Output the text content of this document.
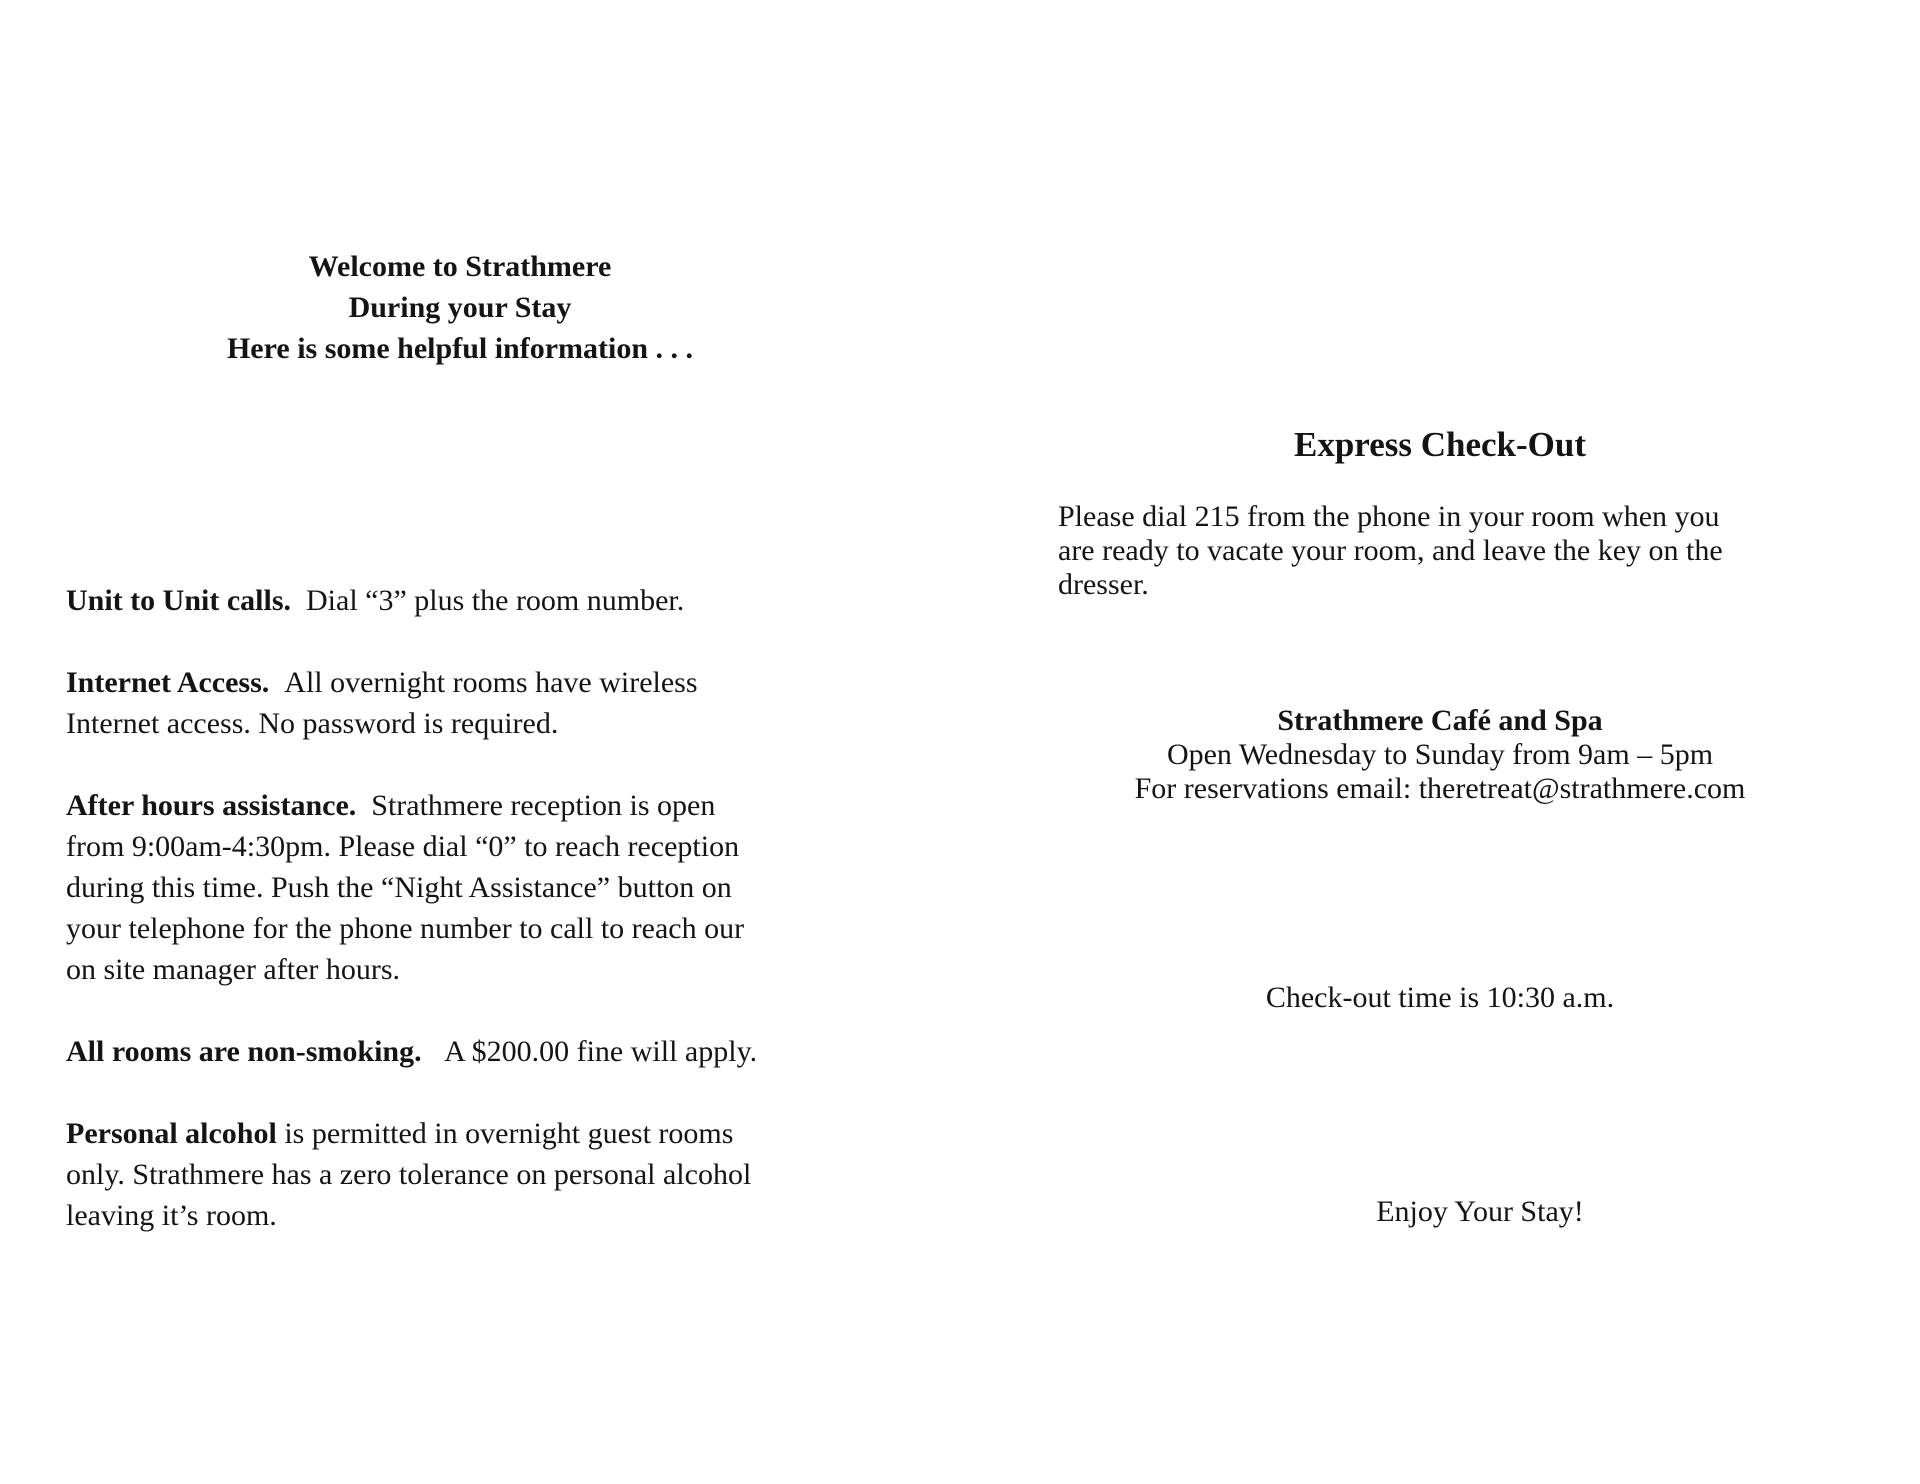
Welcome to Strathmere
During your Stay
Here is some helpful information . . .

Unit to Unit calls. Dial “3” plus the room number.

Internet Access. All overnight rooms have wireless

Internet access. No password is required.

After hours assistance. Strathmere reception is open

from 9:00am-4:30pm. Please dial “0” to reach reception

during this time. Push the “Night Assistance” button on

your telephone for the phone number to call to reach our

on site manager after hours.

All rooms are non-smoking. A $200.00 fine will apply.

Personal alcohol is permitted in overnight guest rooms

only. Strathmere has a zero tolerance on personal alcohol

leaving it’s room.

Express Check-Out

Please dial 215 from the phone in your room when you

are ready to vacate your room, and leave the key on the

dresser.

Strathmere Café and Spa

Open Wednesday to Sunday from 9am – 5pm

For reservations email: theretreat@strathmere.com

Check-out time is 10:30 a.m.
Enjoy Your Stay!
